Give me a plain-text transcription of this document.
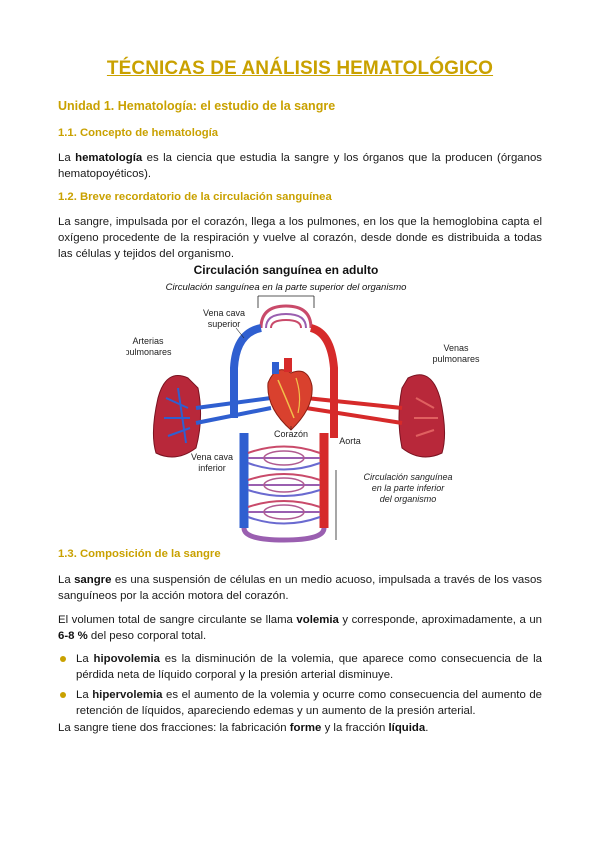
TÉCNICAS DE ANÁLISIS HEMATOLÓGICO
Unidad 1. Hematología: el estudio de la sangre
1.1. Concepto de hematología

La hematología es la ciencia que estudia la sangre y los órganos que la producen (órganos hematopoyéticos).

1.2. Breve recordatorio de la circulación sanguínea

La sangre, impulsada por el corazón, llega a los pulmones, en los que la hemoglobina capta el oxígeno procedente de la respiración y vuelve al corazón, desde donde es distribuida a todas las células y tejidos del organismo.

Circulación sanguínea en adulto
Circulación sanguínea en la parte superior del organismo
Vena cava
superior
Arterias
pulmonares	Venas
pulmonares
Corazón
Aorta
Vena cava
inferior
Circulación sanguínea
en la parte inferior
del organismo
1.3. Composición de la sangre

La sangre es una suspensión de células en un medio acuoso, impulsada a través de los vasos sanguíneos por la acción motora del corazón.

El volumen total de sangre circulante se llama volemia y corresponde, aproximadamente, a un 6-8 % del peso corporal total.

La hipovolemia es la disminución de la volemia, que aparece como consecuencia de la pérdida neta de líquido corporal y la presión arterial disminuye.
La hipervolemia es el aumento de la volemia y ocurre como consecuencia del aumento de retención de líquidos, apareciendo edemas y un aumento de la presión arterial.

La sangre tiene dos fracciones: la fabricación forme y la fracción líquida.
